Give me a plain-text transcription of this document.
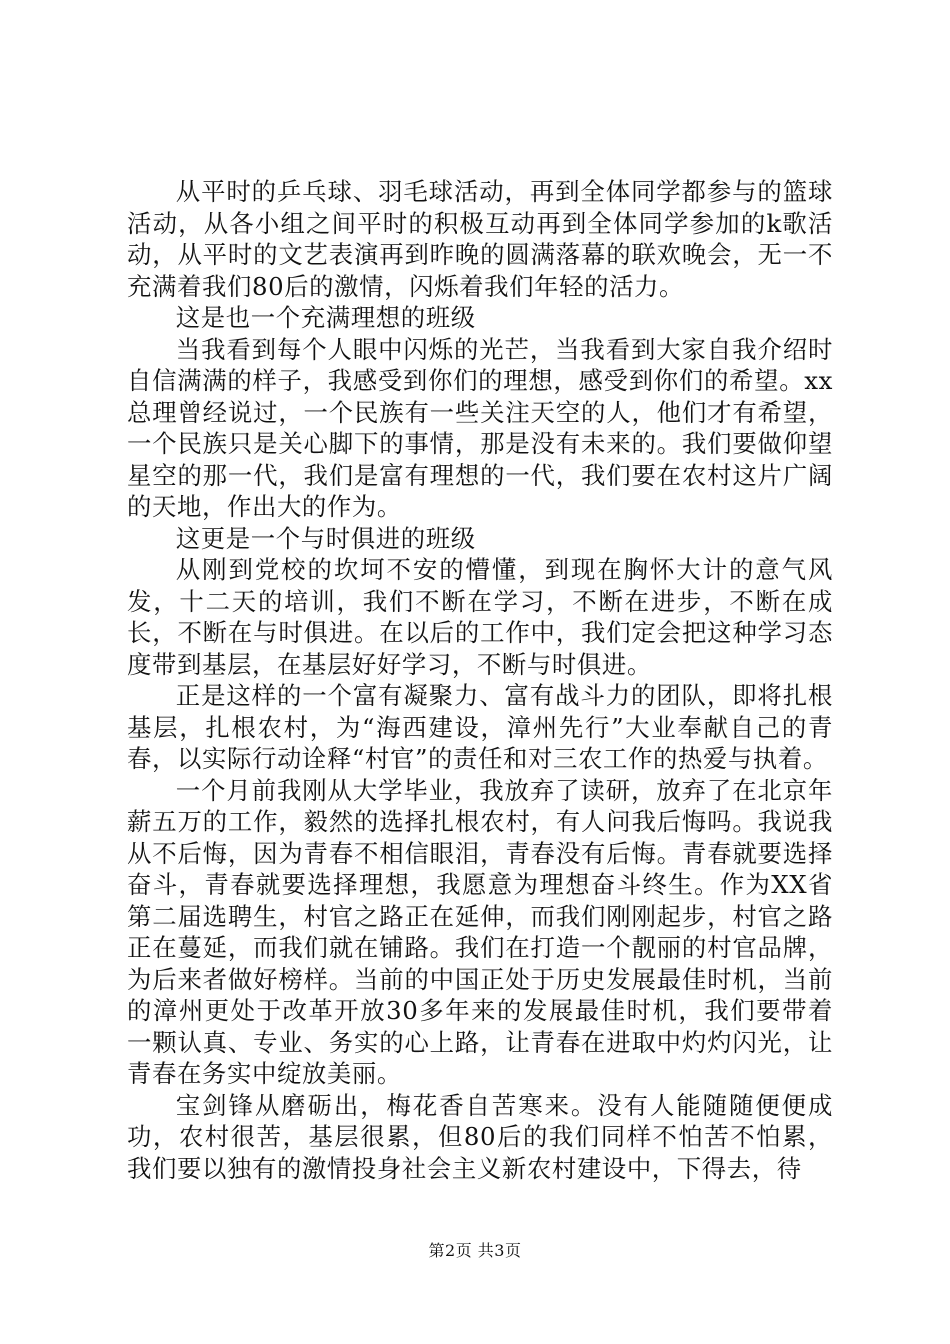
从平时的乒乓球、羽毛球活动，再到全体同学都参与的篮球活动，从各小组之间平时的积极互动再到全体同学参加的k歌活动，从平时的文艺表演再到昨晚的圆满落幕的联欢晚会，无一不充满着我们80后的激情，闪烁着我们年轻的活力。

这是也一个充满理想的班级

当我看到每个人眼中闪烁的光芒，当我看到大家自我介绍时自信满满的样子，我感受到你们的理想，感受到你们的希望。xx总理曾经说过，一个民族有一些关注天空的人，他们才有希望，一个民族只是关心脚下的事情，那是没有未来的。我们要做仰望星空的那一代，我们是富有理想的一代，我们要在农村这片广阔的天地，作出大的作为。

这更是一个与时俱进的班级

从刚到党校的坎坷不安的懵懂，到现在胸怀大计的意气风发，十二天的培训，我们不断在学习，不断在进步，不断在成长，不断在与时俱进。在以后的工作中，我们定会把这种学习态度带到基层，在基层好好学习，不断与时俱进。

正是这样的一个富有凝聚力、富有战斗力的团队，即将扎根基层，扎根农村，为“海西建设，漳州先行”大业奉献自己的青春，以实际行动诠释“村官”的责任和对三农工作的热爱与执着。

一个月前我刚从大学毕业，我放弃了读研，放弃了在北京年薪五万的工作，毅然的选择扎根农村，有人问我后悔吗。我说我从不后悔，因为青春不相信眼泪，青春没有后悔。青春就要选择奋斗，青春就要选择理想，我愿意为理想奋斗终生。作为XX省第二届选聘生，村官之路正在延伸，而我们刚刚起步，村官之路正在蔓延，而我们就在铺路。我们在打造一个靓丽的村官品牌，为后来者做好榜样。当前的中国正处于历史发展最佳时机，当前的漳州更处于改革开放30多年来的发展最佳时机，我们要带着一颗认真、专业、务实的心上路，让青春在进取中灼灼闪光，让青春在务实中绽放美丽。

宝剑锋从磨砺出，梅花香自苦寒来。没有人能随随便便成功，农村很苦，基层很累，但80后的我们同样不怕苦不怕累，我们要以独有的激情投身社会主义新农村建设中，下得去，待

第2页 共3页
